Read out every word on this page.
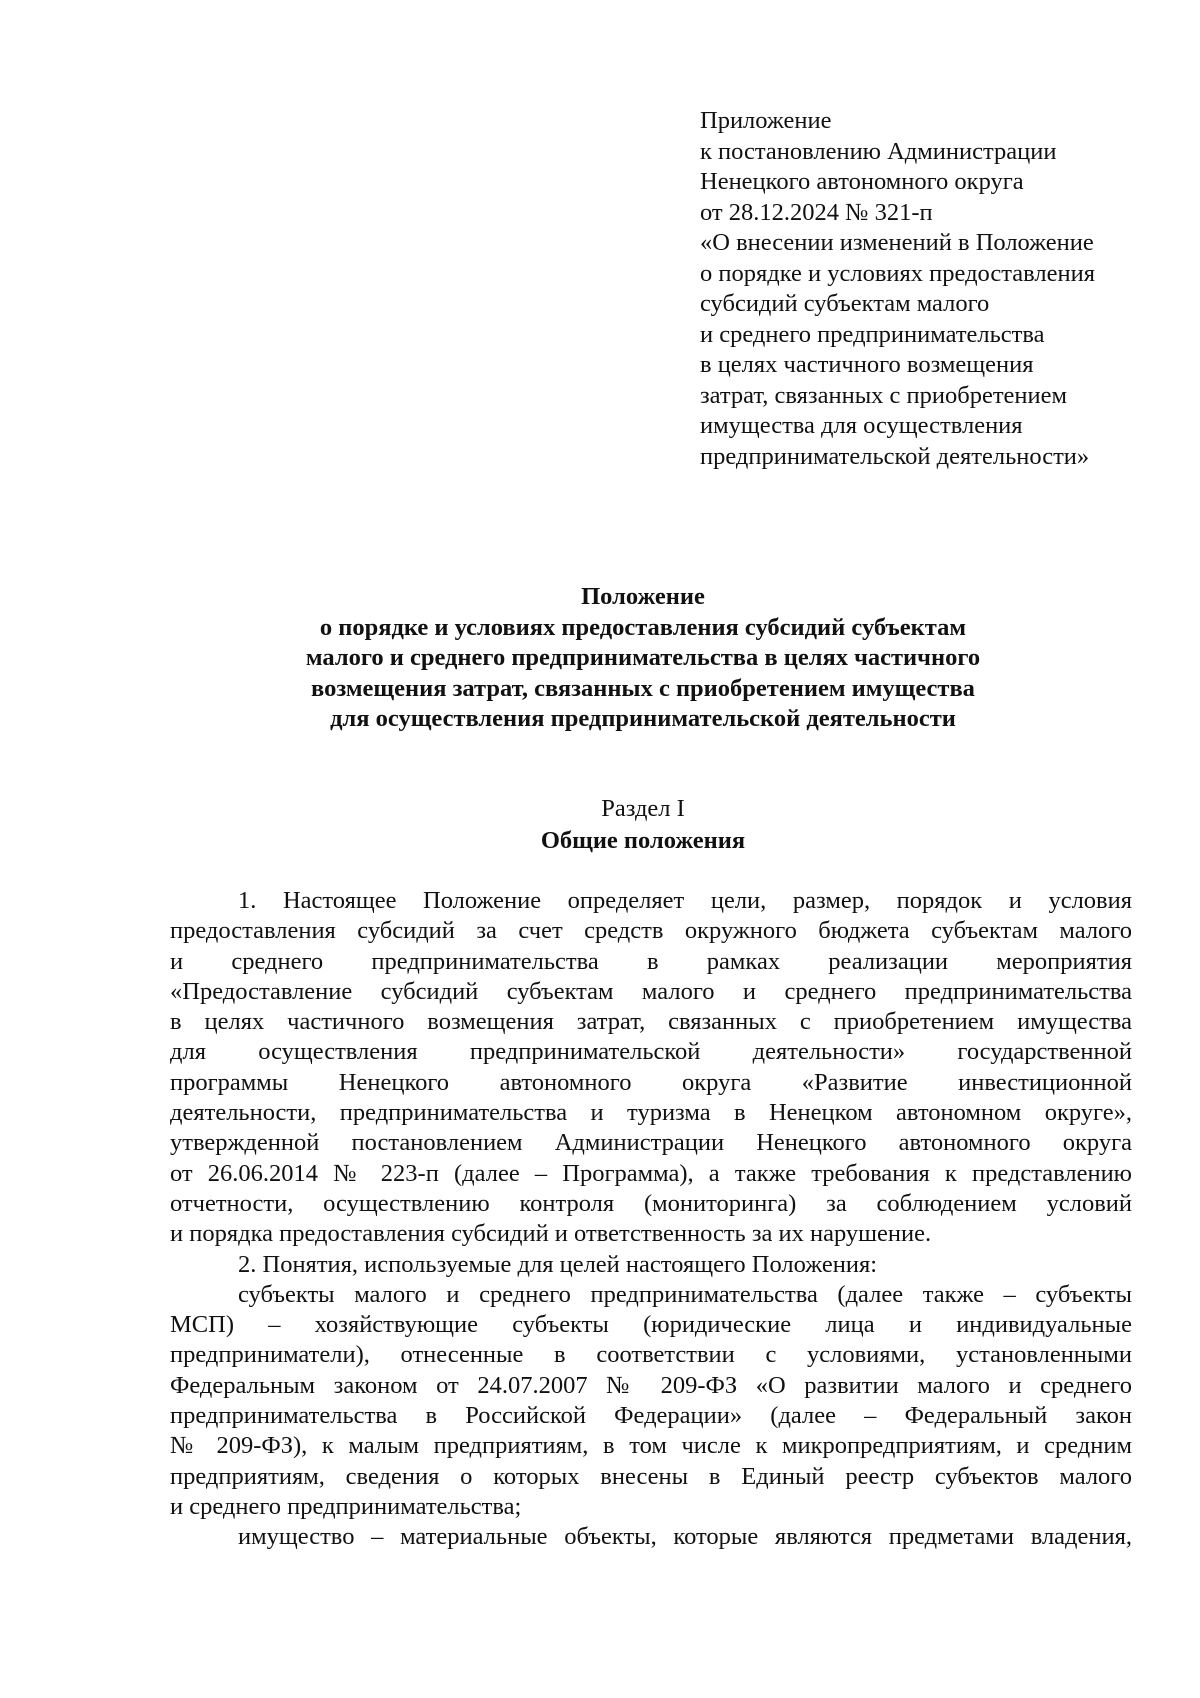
Приложение
к постановлению Администрации
Ненецкого автономного округа
от 28.12.2024 № 321-п
«О внесении изменений в Положение
о порядке и условиях предоставления
субсидий субъектам малого
и среднего предпринимательства
в целях частичного возмещения
затрат, связанных с приобретением
имущества для осуществления
предпринимательской деятельности»
Положение
о порядке и условиях предоставления субсидий субъектам
малого и среднего предпринимательства в целях частичного
возмещения затрат, связанных с приобретением имущества
для осуществления предпринимательской деятельности
Раздел I
Общие положения
1. Настоящее Положение определяет цели, размер, порядок и условия
предоставления субсидий за счет средств окружного бюджета субъектам малого
и среднего предпринимательства в рамках реализации мероприятия
«Предоставление субсидий субъектам малого и среднего предпринимательства
в целях частичного возмещения затрат, связанных с приобретением имущества
для осуществления предпринимательской деятельности» государственной
программы Ненецкого автономного округа «Развитие инвестиционной
деятельности, предпринимательства и туризма в Ненецком автономном округе»,
утвержденной постановлением Администрации Ненецкого автономного округа
от 26.06.2014 № 223-п (далее – Программа), а также требования к представлению
отчетности, осуществлению контроля (мониторинга) за соблюдением условий
и порядка предоставления субсидий и ответственность за их нарушение.
2. Понятия, используемые для целей настоящего Положения:
субъекты малого и среднего предпринимательства (далее также – субъекты
МСП) – хозяйствующие субъекты (юридические лица и индивидуальные
предприниматели), отнесенные в соответствии с условиями, установленными
Федеральным законом от 24.07.2007 № 209-ФЗ «О развитии малого и среднего
предпринимательства в Российской Федерации» (далее – Федеральный закон
№ 209-ФЗ), к малым предприятиям, в том числе к микропредприятиям, и средним
предприятиям, сведения о которых внесены в Единый реестр субъектов малого
и среднего предпринимательства;
имущество – материальные объекты, которые являются предметами владения,
